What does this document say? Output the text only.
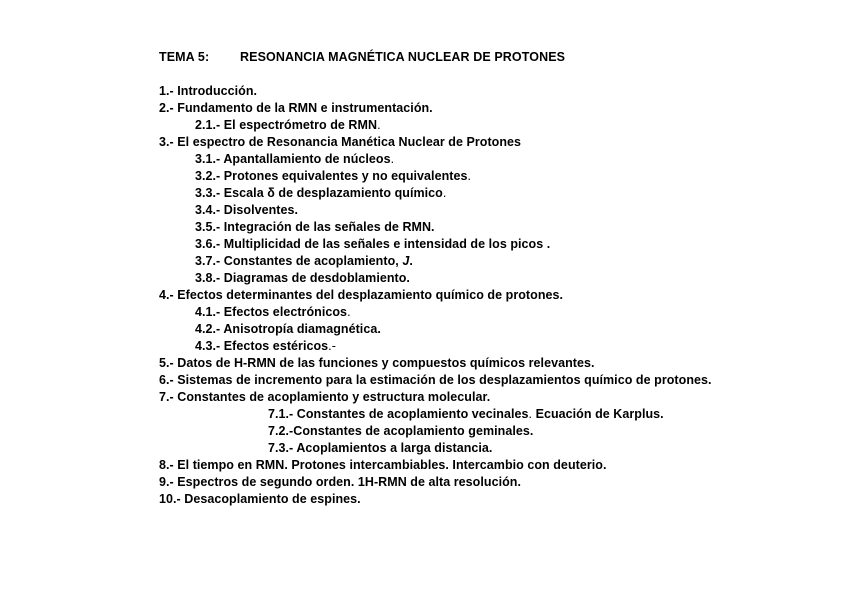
TEMA 5: RESONANCIA MAGNÉTICA NUCLEAR DE PROTONES
1.- Introducción.
2.- Fundamento de la RMN e instrumentación.
2.1.- El espectrómetro de RMN.
3.- El espectro de Resonancia Manética Nuclear de Protones
3.1.- Apantallamiento de núcleos.
3.2.- Protones equivalentes y no equivalentes.
3.3.- Escala δ de desplazamiento químico.
3.4.- Disolventes.
3.5.- Integración de las señales de RMN.
3.6.- Multiplicidad de las señales e intensidad de los picos .
3.7.- Constantes de acoplamiento, J.
3.8.- Diagramas de desdoblamiento.
4.- Efectos determinantes del desplazamiento químico de protones.
4.1.- Efectos electrónicos.
4.2.- Anisotropía diamagnética.
4.3.- Efectos estéricos.-
5.- Datos de H-RMN de las funciones y compuestos químicos relevantes.
6.- Sistemas de incremento para la estimación de los desplazamientos químico de protones.
7.- Constantes de acoplamiento y estructura molecular.
7.1.- Constantes de acoplamiento vecinales. Ecuación de Karplus.
7.2.-Constantes de acoplamiento geminales.
7.3.- Acoplamientos a larga distancia.
8.- El tiempo en RMN. Protones intercambiables. Intercambio con deuterio.
9.- Espectros de segundo orden. 1H-RMN de alta resolución.
10.- Desacoplamiento de espines.
